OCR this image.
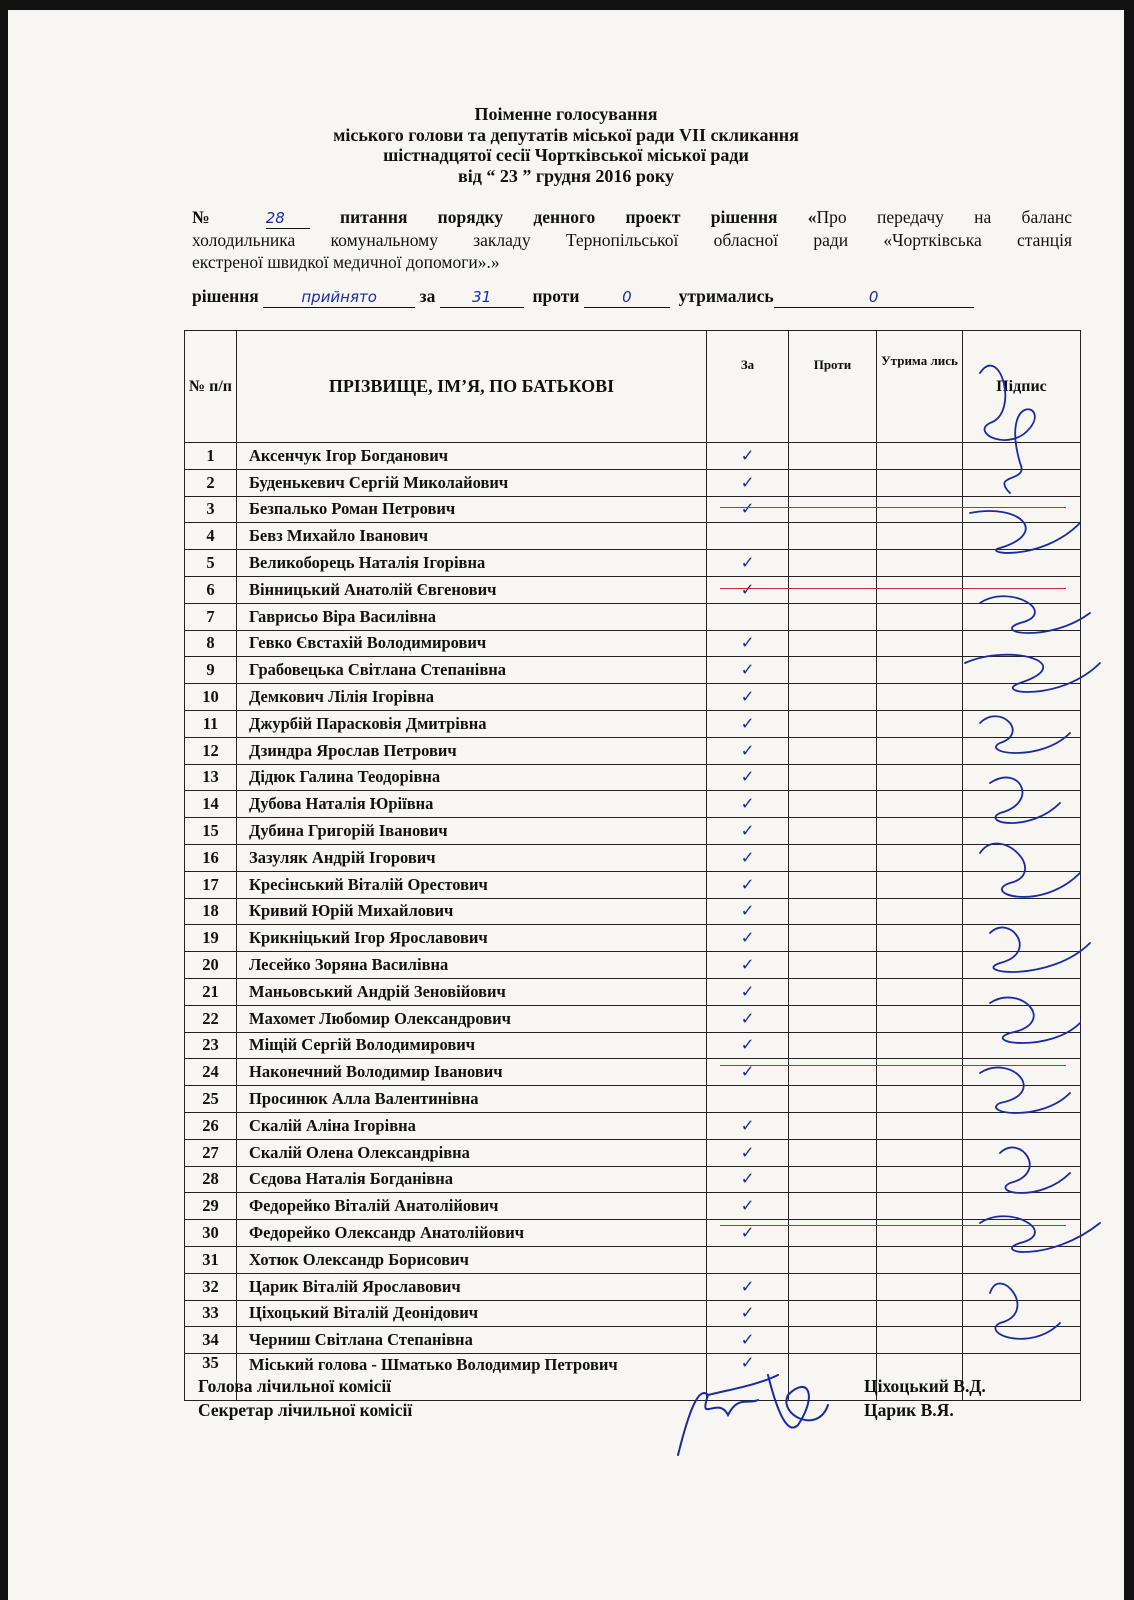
Поіменне голосування
міського голови та депутатів міської ради VII скликання
шістнадцятої сесії Чортківської міської ради
від “ 23 ” грудня 2016 року
№ 28	питання порядку денного проект рішення «Про передачу на баланс
холодильника комунальному закладу Тернопільської обласної ради «Чортківська станція
екстреної швидкої медичної допомоги».»
рішення	прийнято за 31 проти	0	утримались	0
№ п/п	ПРІЗВИЩЕ, ІМ’Я, ПО БАТЬКОВІ	За	Проти	Утрима лись	Підпис
1	Аксенчук Ігор Богданович	✓			
2	Буденькевич Сергій Миколайович	✓			
3	Безпалько Роман Петрович	✓			
4	Бевз Михайло Іванович				
5	Великоборець Наталія Ігорівна	✓			
6	Вінницький Анатолій Євгенович	✓			
7	Гаврисьо Віра Василівна				
8	Гевко Євстахій Володимирович	✓			
9	Грабовецька Світлана Степанівна	✓			
10	Демкович Лілія Ігорівна	✓			
11	Джурбій Парасковія Дмитрівна	✓			
12	Дзиндра Ярослав Петрович	✓			
13	Дідюк Галина Теодорівна	✓			
14	Дубова Наталія Юріївна	✓			
15	Дубина Григорій Іванович	✓			
16	Зазуляк Андрій Ігорович	✓			
17	Кресінський Віталій Орестович	✓			
18	Кривий Юрій Михайлович	✓			
19	Крикніцький Ігор Ярославович	✓			
20	Лесейко Зоряна Василівна	✓			
21	Маньовський Андрій Зеновійович	✓			
22	Махомет Любомир Олександрович	✓			
23	Міщій Сергій Володимирович	✓			
24	Наконечний Володимир Іванович	✓			
25	Просинюк Алла Валентинівна				
26	Скалій Аліна Ігорівна	✓			
27	Скалій Олена Олександрівна	✓			
28	Сєдова Наталія Богданівна	✓			
29	Федорейко Віталій Анатолійович	✓			
30	Федорейко Олександр Анатолійович	✓			
31	Хотюк Олександр Борисович				
32	Царик Віталій Ярославович	✓			
33	Ціхоцький Віталій Деонідович	✓			
34	Черниш Світлана Степанівна	✓			
35	Міський голова - Шматько Володимир Петрович	✓			
Голова лічильної комісії
Секретар лічильної комісії
Ціхоцький В.Д.
Царик В.Я.
